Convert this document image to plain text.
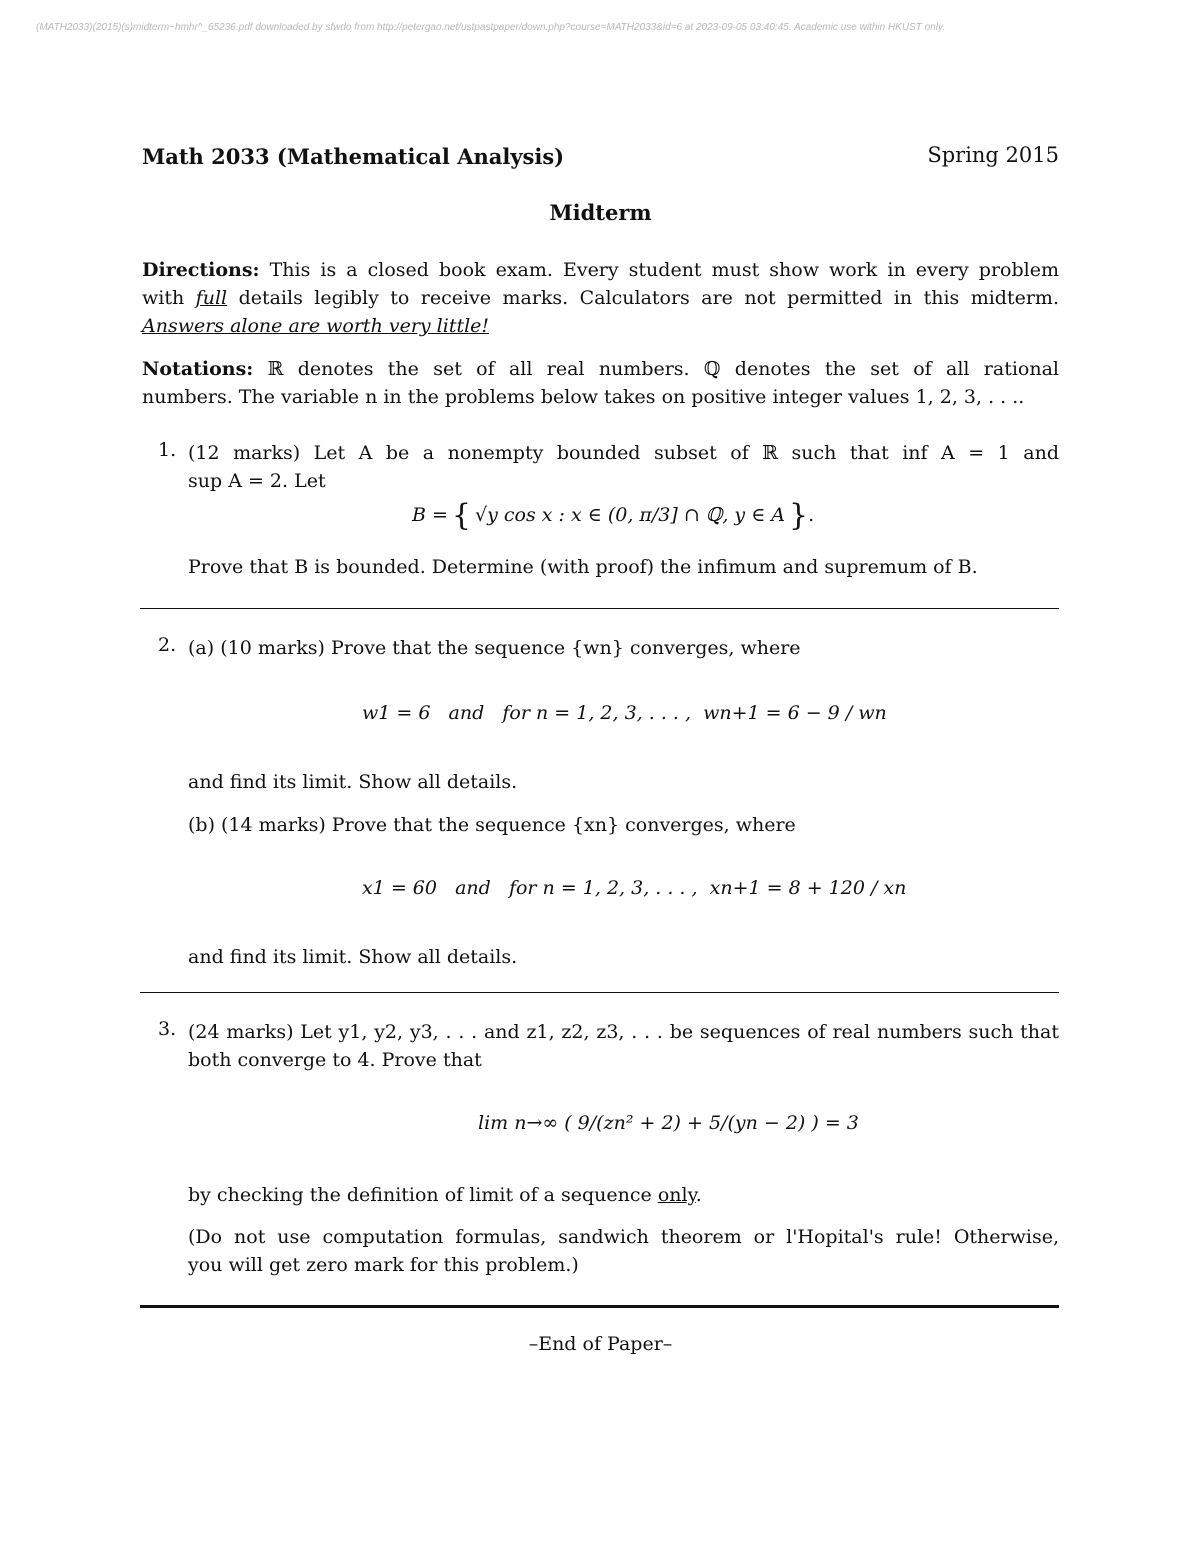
(MATH2033)(2015)(s)midterm~hmhr^_65236.pdf downloaded by sfwdo from http://petergao.net/ustpastpaper/down.php?course=MATH2033&id=6 at 2023-09-05 03:40:45. Academic use within HKUST only.
Math 2033 (Mathematical Analysis)	Spring 2015
Midterm
Directions: This is a closed book exam. Every student must show work in every problem
with full details legibly to receive marks. Calculators are not permitted in this midterm.
Answers alone are worth very little!
Notations: ℝ denotes the set of all real numbers. ℚ denotes the set of all rational
numbers. The variable n in the problems below takes on positive integer values 1, 2, 3, . . ..
1. (12 marks) Let A be a nonempty bounded subset of ℝ such that inf A = 1 and
sup A = 2. Let
B = { √y cos x : x ∈ (0, π/3] ∩ ℚ, y ∈ A } .
Prove that B is bounded. Determine (with proof) the infimum and supremum of B.
2. (a) (10 marks) Prove that the sequence {wn} converges, where
w1 = 6   and   for n = 1, 2, 3, . . . ,  wn+1 = 6 − 9 / wn
and find its limit. Show all details.
(b) (14 marks) Prove that the sequence {xn} converges, where
x1 = 60   and   for n = 1, 2, 3, . . . ,  xn+1 = 8 + 120 / xn
and find its limit. Show all details.
3. (24 marks) Let y1, y2, y3, . . . and z1, z2, z3, . . . be sequences of real numbers such that
both converge to 4. Prove that
lim n→∞ ( 9/(zn² + 2) + 5/(yn − 2) ) = 3
by checking the definition of limit of a sequence only.
(Do not use computation formulas, sandwich theorem or l'Hopital's rule! Otherwise,
you will get zero mark for this problem.)
–End of Paper–
